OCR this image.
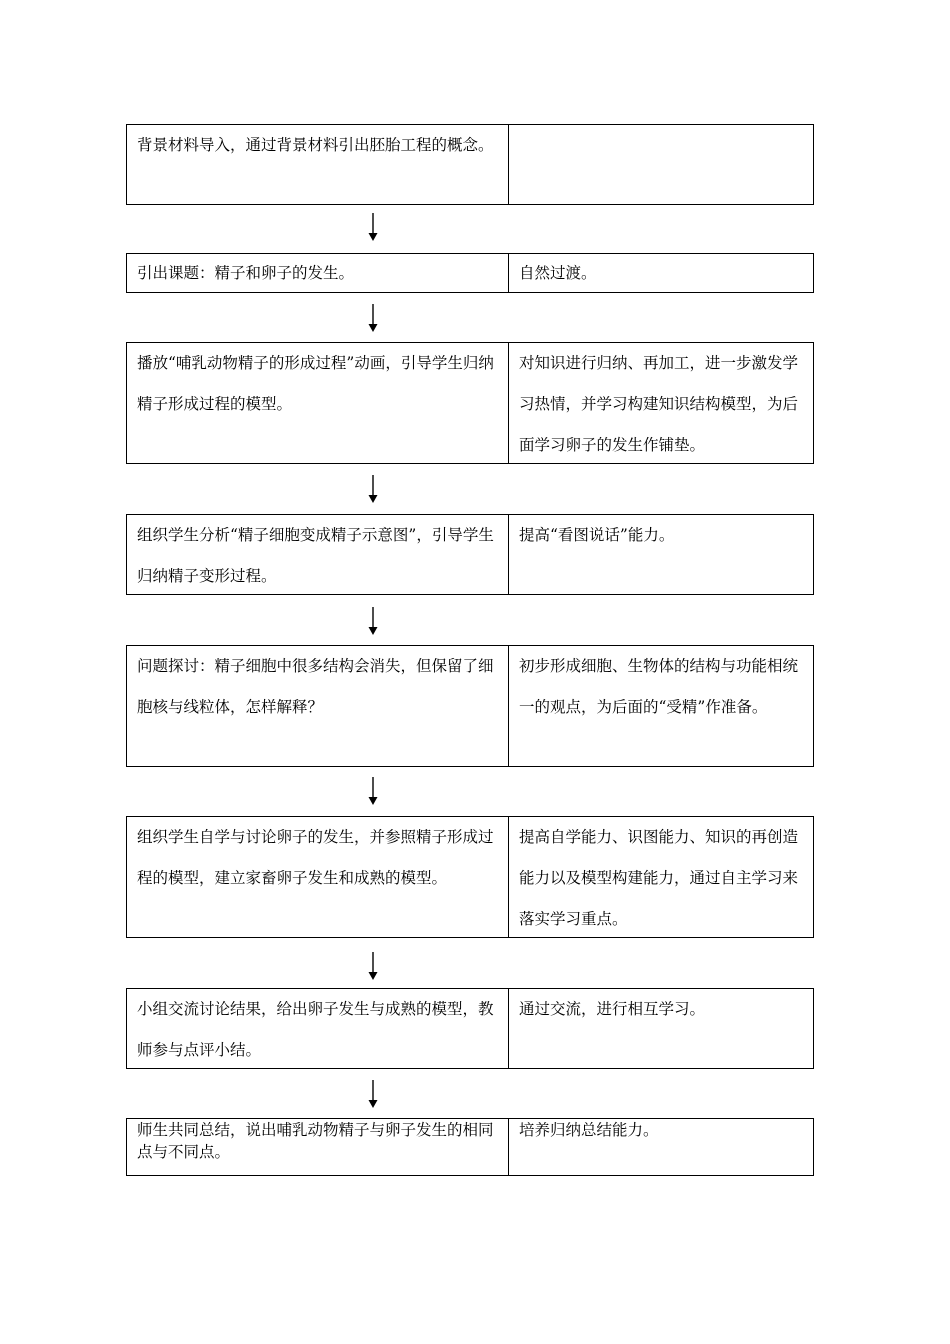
背景材料导入，通过背景材料引出胚胎工程的概念。
引出课题：精子和卵子的发生。	自然过渡。
播放“哺乳动物精子的形成过程”动画，引导学生归纳精子形成过程的模型。
对知识进行归纳、再加工，进一步激发学习热情，并学习构建知识结构模型，为后面学习卵子的发生作铺垫。
组织学生分析“精子细胞变成精子示意图”，引导学生归纳精子变形过程。
提高“看图说话”能力。
问题探讨：精子细胞中很多结构会消失，但保留了细胞核与线粒体，怎样解释？
初步形成细胞、生物体的结构与功能相统一的观点，为后面的“受精”作准备。
组织学生自学与讨论卵子的发生，并参照精子形成过程的模型，建立家畜卵子发生和成熟的模型。
提高自学能力、识图能力、知识的再创造能力以及模型构建能力，通过自主学习来落实学习重点。
小组交流讨论结果，给出卵子发生与成熟的模型，教师参与点评小结。
通过交流，进行相互学习。
师生共同总结，说出哺乳动物精子与卵子发生的相同点与不同点。
培养归纳总结能力。
